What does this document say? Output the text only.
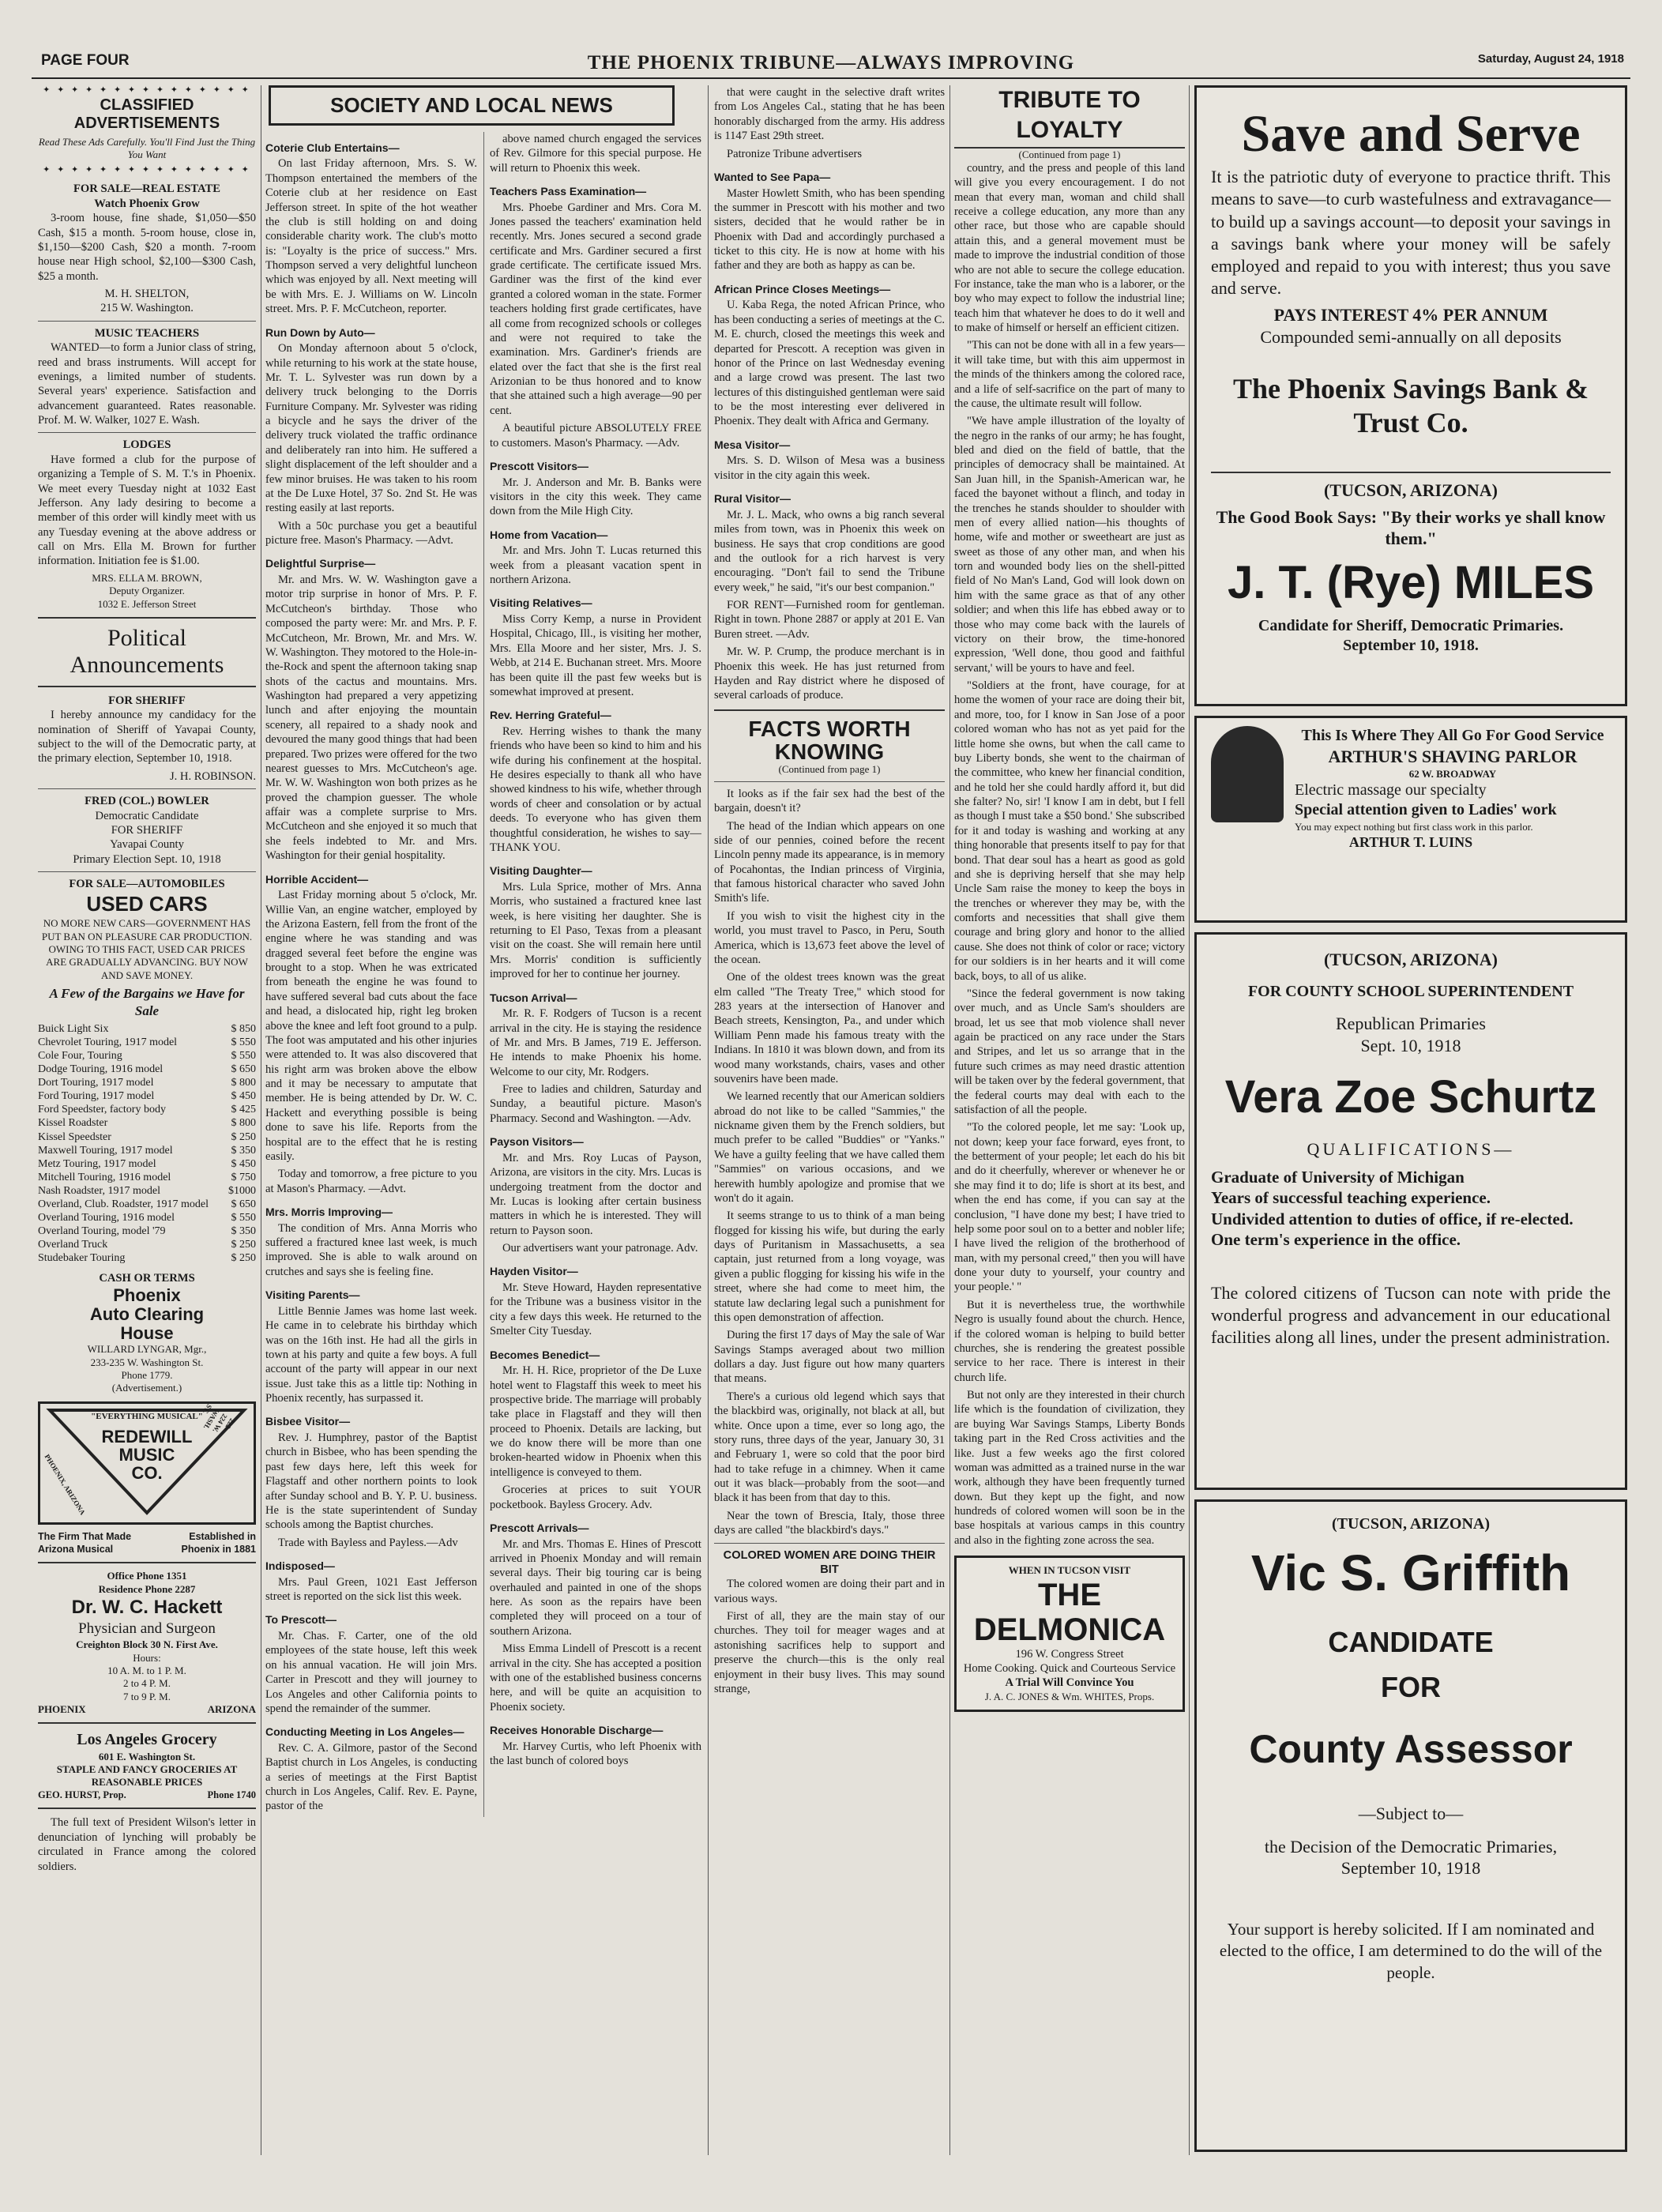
PAGE FOUR	THE PHOENIX TRIBUNE—ALWAYS IMPROVING	Saturday, August 24, 1918
✦ ✦ ✦ ✦ ✦ ✦ ✦ ✦ ✦ ✦ ✦ ✦ ✦ ✦ ✦
CLASSIFIED ADVERTISEMENTS
Read These Ads Carefully. You'll Find Just the Thing You Want
✦ ✦ ✦ ✦ ✦ ✦ ✦ ✦ ✦ ✦ ✦ ✦ ✦ ✦ ✦
FOR SALE—REAL ESTATE
Watch Phoenix Grow

3-room house, fine shade, $1,050—$50 Cash, $15 a month. 5-room house, close in, $1,150—$200 Cash, $20 a month. 7-room house near High school, $2,100—$300 Cash, $25 a month.

M. H. SHELTON,
215 W. Washington.
MUSIC TEACHERS

WANTED—to form a Junior class of string, reed and brass instruments. Will accept for evenings, a limited number of students. Several years' experience. Satisfaction and advancement guaranteed. Rates reasonable. Prof. M. W. Walker, 1027 E. Wash.

LODGES

Have formed a club for the purpose of organizing a Temple of S. M. T.'s in Phoenix. We meet every Tuesday night at 1032 East Jefferson. Any lady desiring to become a member of this order will kindly meet with us any Tuesday evening at the above address or call on Mrs. Ella M. Brown for further information. Initiation fee is $1.00.

MRS. ELLA M. BROWN,
Deputy Organizer.
1032 E. Jefferson Street
Political Announcements
FOR SHERIFF

I hereby announce my candidacy for the nomination of Sheriff of Yavapai County, subject to the will of the Democratic party, at the primary election, September 10, 1918.

J. H. ROBINSON.
FRED (COL.) BOWLER
Democratic Candidate
FOR SHERIFF
Yavapai County
Primary Election Sept. 10, 1918
FOR SALE—AUTOMOBILES
USED CARS
NO MORE NEW CARS—GOVERNMENT HAS PUT BAN ON PLEASURE CAR PRODUCTION. OWING TO THIS FACT, USED CAR PRICES ARE GRADUALLY ADVANCING. BUY NOW AND SAVE MONEY.
A Few of the Bargains we Have for Sale
Buick Light Six	$ 850
Chevrolet Touring, 1917 model	$ 550
Cole Four, Touring	$ 550
Dodge Touring, 1916 model	$ 650
Dort Touring, 1917 model	$ 800
Ford Touring, 1917 model	$ 450
Ford Speedster, factory body	$ 425
Kissel Roadster	$ 800
Kissel Speedster	$ 250
Maxwell Touring, 1917 model	$ 350
Metz Touring, 1917 model	$ 450
Mitchell Touring, 1916 model	$ 750
Nash Roadster, 1917 model	$1000
Overland, Club. Roadster, 1917 model $ 650
Overland Touring, 1916 model	$ 550
Overland Touring, model '79	$ 350
Overland Truck	$ 250
Studebaker Touring	$ 250
CASH OR TERMS
Phoenix
Auto Clearing
House
WILLARD LYNGAR, Mgr.,
233-235 W. Washington St.
Phone 1779.
(Advertisement.)
"EVERYTHING MUSICAL"
REDEWILL
MUSIC
CO.
PHOENIX, ARIZONA
222-224 W. WASH. ST.
The Firm That Made Arizona Musical
Established in Phoenix in 1881
Office Phone 1351
Residence Phone 2287
Dr. W. C. Hackett
Physician and Surgeon
Creighton Block 30 N. First Ave.
Hours:
10 A. M. to 1 P. M.
2 to 4 P. M.
7 to 9 P. M.
PHOENIX	ARIZONA
Los Angeles Grocery
601 E. Washington St.
STAPLE AND FANCY GROCERIES AT REASONABLE PRICES
GEO. HURST, Prop.	Phone 1740

The full text of President Wilson's letter in denunciation of lynching will probably be circulated in France among the colored soldiers.

SOCIETY AND LOCAL NEWS
Coterie Club Entertains—

On last Friday afternoon, Mrs. S. W. Thompson entertained the members of the Coterie club at her residence on East Jefferson street. In spite of the hot weather the club is still holding on and doing considerable charity work. The club's motto is: "Loyalty is the price of success." Mrs. Thompson served a very delightful luncheon which was enjoyed by all. Next meeting will be with Mrs. E. J. Williams on W. Lincoln street. Mrs. P. F. McCutcheon, reporter.

Run Down by Auto—

On Monday afternoon about 5 o'clock, while returning to his work at the state house, Mr. T. L. Sylvester was run down by a delivery truck belonging to the Dorris Furniture Company. Mr. Sylvester was riding a bicycle and he says the driver of the delivery truck violated the traffic ordinance and deliberately ran into him. He suffered a slight displacement of the left shoulder and a few minor bruises. He was taken to his room at the De Luxe Hotel, 37 So. 2nd St. He was resting easily at last reports.

With a 50c purchase you get a beautiful picture free. Mason's Pharmacy. —Advt.

Delightful Surprise—

Mr. and Mrs. W. W. Washington gave a motor trip surprise in honor of Mrs. P. F. McCutcheon's birthday. Those who composed the party were: Mr. and Mrs. P. F. McCutcheon, Mr. Brown, Mr. and Mrs. W. W. Washington. They motored to the Hole-in-the-Rock and spent the afternoon taking snap shots of the cactus and mountains. Mrs. Washington had prepared a very appetizing lunch and after enjoying the mountain scenery, all repaired to a shady nook and devoured the many good things that had been prepared. Two prizes were offered for the two nearest guesses to Mrs. McCutcheon's age. Mr. W. W. Washington won both prizes as he proved the champion guesser. The whole affair was a complete surprise to Mrs. McCutcheon and she enjoyed it so much that she feels indebted to Mr. and Mrs. Washington for their genial hospitality.

Horrible Accident—

Last Friday morning about 5 o'clock, Mr. Willie Van, an engine watcher, employed by the Arizona Eastern, fell from the front of the engine where he was standing and was dragged several feet before the engine was brought to a stop. When he was extricated from beneath the engine he was found to have suffered several bad cuts about the face and head, a dislocated hip, right leg broken above the knee and left foot ground to a pulp. The foot was amputated and his other injuries were attended to. It was also discovered that his right arm was broken above the elbow and it may be necessary to amputate that member. He is being attended by Dr. W. C. Hackett and everything possible is being done to save his life. Reports from the hospital are to the effect that he is resting easily.

Today and tomorrow, a free picture to you at Mason's Pharmacy. —Advt.

Mrs. Morris Improving—

The condition of Mrs. Anna Morris who suffered a fractured knee last week, is much improved. She is able to walk around on crutches and says she is feeling fine.

Visiting Parents—

Little Bennie James was home last week. He came in to celebrate his birthday which was on the 16th inst. He had all the girls in town at his party and quite a few boys. A full account of the party will appear in our next issue. Just take this as a little tip: Nothing in Phoenix recently, has surpassed it.

Bisbee Visitor—

Rev. J. Humphrey, pastor of the Baptist church in Bisbee, who has been spending the past few days here, left this week for Flagstaff and other northern points to look after Sunday school and B. Y. P. U. business. He is the state superintendent of Sunday schools among the Baptist churches.

Trade with Bayless and Payless.—Adv

Indisposed—

Mrs. Paul Green, 1021 East Jefferson street is reported on the sick list this week.

To Prescott—

Mr. Chas. F. Carter, one of the old employees of the state house, left this week on his annual vacation. He will join Mrs. Carter in Prescott and they will journey to Los Angeles and other California points to spend the remainder of the summer.

Conducting Meeting in Los Angeles—

Rev. C. A. Gilmore, pastor of the Second Baptist church in Los Angeles, is conducting a series of meetings at the First Baptist church in Los Angeles, Calif. Rev. E. Payne, pastor of the

above named church engaged the services of Rev. Gilmore for this special purpose. He will return to Phoenix this week.

Teachers Pass Examination—

Mrs. Phoebe Gardiner and Mrs. Cora M. Jones passed the teachers' examination held recently. Mrs. Jones secured a second grade certificate and Mrs. Gardiner secured a first grade certificate. The certificate issued Mrs. Gardiner was the first of the kind ever granted a colored woman in the state. Former teachers holding first grade certificates, have all come from recognized schools or colleges and were not required to take the examination. Mrs. Gardiner's friends are elated over the fact that she is the first real Arizonian to be thus honored and to know that she attained such a high average—90 per cent.

A beautiful picture ABSOLUTELY FREE to customers. Mason's Pharmacy. —Adv.

Prescott Visitors—

Mr. J. Anderson and Mr. B. Banks were visitors in the city this week. They came down from the Mile High City.

Home from Vacation—

Mr. and Mrs. John T. Lucas returned this week from a pleasant vacation spent in northern Arizona.

Visiting Relatives—

Miss Corry Kemp, a nurse in Provident Hospital, Chicago, Ill., is visiting her mother, Mrs. Ella Moore and her sister, Mrs. J. S. Webb, at 214 E. Buchanan street. Mrs. Moore has been quite ill the past few weeks but is somewhat improved at present.

Rev. Herring Grateful—

Rev. Herring wishes to thank the many friends who have been so kind to him and his wife during his confinement at the hospital. He desires especially to thank all who have showed kindness to his wife, whether through words of cheer and consolation or by actual deeds. To everyone who has given them thoughtful consideration, he wishes to say—THANK YOU.

Visiting Daughter—

Mrs. Lula Sprice, mother of Mrs. Anna Morris, who sustained a fractured knee last week, is here visiting her daughter. She is returning to El Paso, Texas from a pleasant visit on the coast. She will remain here until Mrs. Morris' condition is sufficiently improved for her to continue her journey.

Tucson Arrival—

Mr. R. F. Rodgers of Tucson is a recent arrival in the city. He is staying the residence of Mr. and Mrs. B James, 719 E. Jefferson. He intends to make Phoenix his home. Welcome to our city, Mr. Rodgers.

Free to ladies and children, Saturday and Sunday, a beautiful picture. Mason's Pharmacy. Second and Washington. —Adv.

Payson Visitors—

Mr. and Mrs. Roy Lucas of Payson, Arizona, are visitors in the city. Mrs. Lucas is undergoing treatment from the doctor and Mr. Lucas is looking after certain business matters in which he is interested. They will return to Payson soon.

Our advertisers want your patronage. Adv.

Hayden Visitor—

Mr. Steve Howard, Hayden representative for the Tribune was a business visitor in the city a few days this week. He returned to the Smelter City Tuesday.

Becomes Benedict—

Mr. H. H. Rice, proprietor of the De Luxe hotel went to Flagstaff this week to meet his prospective bride. The marriage will probably take place in Flagstaff and they will then proceed to Phoenix. Details are lacking, but we do know there will be more than one broken-hearted widow in Phoenix when this intelligence is conveyed to them.

Groceries at prices to suit YOUR pocketbook. Bayless Grocery. Adv.

Prescott Arrivals—

Mr. and Mrs. Thomas E. Hines of Prescott arrived in Phoenix Monday and will remain several days. Their big touring car is being overhauled and painted in one of the shops here. As soon as the repairs have been completed they will proceed on a tour of southern Arizona.

Miss Emma Lindell of Prescott is a recent arrival in the city. She has accepted a position with one of the established business concerns here, and will be quite an acquisition to Phoenix society.

Receives Honorable Discharge—

Mr. Harvey Curtis, who left Phoenix with the last bunch of colored boys

that were caught in the selective draft writes from Los Angeles Cal., stating that he has been honorably discharged from the army. His address is 1147 East 29th street.

Patronize Tribune advertisers

Wanted to See Papa—

Master Howlett Smith, who has been spending the summer in Prescott with his mother and two sisters, decided that he would rather be in Phoenix with Dad and accordingly purchased a ticket to this city. He is now at home with his father and they are both as happy as can be.

African Prince Closes Meetings—

U. Kaba Rega, the noted African Prince, who has been conducting a series of meetings at the C. M. E. church, closed the meetings this week and departed for Prescott. A reception was given in honor of the Prince on last Wednesday evening and a large crowd was present. The last two lectures of this distinguished gentleman were said to be the most interesting ever delivered in Phoenix. They dealt with Africa and Germany.

Mesa Visitor—

Mrs. S. D. Wilson of Mesa was a business visitor in the city again this week.

Rural Visitor—

Mr. J. L. Mack, who owns a big ranch several miles from town, was in Phoenix this week on business. He says that crop conditions are good and the outlook for a rich harvest is very encouraging. "Don't fail to send the Tribune every week," he said, "it's our best companion."

FOR RENT—Furnished room for gentleman. Right in town. Phone 2887 or apply at 201 E. Van Buren street. —Adv.

Mr. W. P. Crump, the produce merchant is in Phoenix this week. He has just returned from Hayden and Ray district where he disposed of several carloads of produce.

FACTS WORTH KNOWING
(Continued from page 1)

It looks as if the fair sex had the best of the bargain, doesn't it?

The head of the Indian which appears on one side of our pennies, coined before the recent Lincoln penny made its appearance, is in memory of Pocahontas, the Indian princess of Virginia, that famous historical character who saved John Smith's life.

If you wish to visit the highest city in the world, you must travel to Pasco, in Peru, South America, which is 13,673 feet above the level of the ocean.

One of the oldest trees known was the great elm called "The Treaty Tree," which stood for 283 years at the intersection of Hanover and Beach streets, Kensington, Pa., and under which William Penn made his famous treaty with the Indians. In 1810 it was blown down, and from its wood many workstands, chairs, vases and other souvenirs have been made.

We learned recently that our American soldiers abroad do not like to be called "Sammies," the nickname given them by the French soldiers, but much prefer to be called "Buddies" or "Yanks." We have a guilty feeling that we have called them "Sammies" on various occasions, and we herewith humbly apologize and promise that we won't do it again.

It seems strange to us to think of a man being flogged for kissing his wife, but during the early days of Puritanism in Massachusetts, a sea captain, just returned from a long voyage, was given a public flogging for kissing his wife in the street, where she had come to meet him, the statute law declaring legal such a punishment for this open demonstration of affection.

During the first 17 days of May the sale of War Savings Stamps averaged about two million dollars a day. Just figure out how many quarters that means.

There's a curious old legend which says that the blackbird was, originally, not black at all, but white. Once upon a time, ever so long ago, the story runs, three days of the year, January 30, 31 and February 1, were so cold that the poor bird had to take refuge in a chimney. When it came out it was black—probably from the soot—and black it has been from that day to this.

Near the town of Brescia, Italy, those three days are called "the blackbird's days."

COLORED WOMEN ARE DOING THEIR BIT

The colored women are doing their part and in various ways.

First of all, they are the main stay of our churches. They toil for meager wages and at astonishing sacrifices help to support and preserve the church—this is the only real enjoyment in their busy lives. This may sound strange,

TRIBUTE TO LOYALTY
(Continued from page 1)

country, and the press and people of this land will give you every encouragement. I do not mean that every man, woman and child shall receive a college education, any more than any other race, but those who are capable should attain this, and a general movement must be made to improve the industrial condition of those who are not able to secure the college education. For instance, take the man who is a laborer, or the boy who may expect to follow the industrial line; teach him that whatever he does to do it well and to make of himself or herself an efficient citizen.

"This can not be done with all in a few years—it will take time, but with this aim uppermost in the minds of the thinkers among the colored race, and a life of self-sacrifice on the part of many to the cause, the ultimate result will follow.

"We have ample illustration of the loyalty of the negro in the ranks of our army; he has fought, bled and died on the field of battle, that the principles of democracy shall be maintained. At San Juan hill, in the Spanish-American war, he faced the bayonet without a flinch, and today in the trenches he stands shoulder to shoulder with men of every allied nation—his thoughts of home, wife and mother or sweetheart are just as sweet as those of any other man, and when his torn and wounded body lies on the shell-pitted field of No Man's Land, God will look down on him with the same grace as that of any other soldier; and when this life has ebbed away or to those who may come back with the laurels of victory on their brow, the time-honored expression, 'Well done, thou good and faithful servant,' will be yours to have and feel.

"Soldiers at the front, have courage, for at home the women of your race are doing their bit, and more, too, for I know in San Jose of a poor colored woman who has not as yet paid for the little home she owns, but when the call came to buy Liberty bonds, she went to the chairman of the committee, who knew her financial condition, and he told her she could hardly afford it, but did she falter? No, sir! 'I know I am in debt, but I fell as though I must take a $50 bond.' She subscribed for it and today is washing and working at any thing honorable that presents itself to pay for that bond. That dear soul has a heart as good as gold and she is depriving herself that she may help Uncle Sam raise the money to keep the boys in the trenches or wherever they may be, with the comforts and necessities that shall give them courage and bring glory and honor to the allied cause. She does not think of color or race; victory for our soldiers is in her hearts and it will come back, boys, to all of us alike.

"Since the federal government is now taking over much, and as Uncle Sam's shoulders are broad, let us see that mob violence shall never again be practiced on any race under the Stars and Stripes, and let us so arrange that in the future such crimes as may need drastic attention will be taken over by the federal government, that the federal courts may deal with each to the satisfaction of all the people.

"To the colored people, let me say: 'Look up, not down; keep your face forward, eyes front, to the betterment of your people; let each do his bit and do it cheerfully, wherever or whenever he or she may find it to do; life is short at its best, and when the end has come, if you can say at the conclusion, "I have done my best; I have tried to help some poor soul on to a better and nobler life; I have lived the religion of the brotherhood of man, with my personal creed," then you will have done your duty to yourself, your country and your people.' "

But it is nevertheless true, the worthwhile Negro is usually found about the church. Hence, if the colored woman is helping to build better churches, she is rendering the greatest possible service to her race. There is interest in their church life.

But not only are they interested in their church life which is the foundation of civilization, they are buying War Savings Stamps, Liberty Bonds taking part in the Red Cross activities and the like. Just a few weeks ago the first colored woman was admitted as a trained nurse in the war work, although they have been frequently turned down. But they kept up the fight, and now hundreds of colored women will soon be in the base hospitals at various camps in this country and also in the fighting zone across the sea.

WHEN IN TUCSON VISIT
THE DELMONICA
196 W. Congress Street
Home Cooking. Quick and Courteous Service
A Trial Will Convince You
J. A. C. JONES & Wm. WHITES, Props.
Save and Serve
It is the patriotic duty of everyone to practice thrift. This means to save—to curb wastefulness and extravagance—to build up a savings account—to deposit your savings in a savings bank where your money will be safely employed and repaid to you with interest; thus you save and serve.
PAYS INTEREST 4% PER ANNUM
Compounded semi-annually on all deposits
The Phoenix Savings Bank & Trust Co.
(TUCSON, ARIZONA)
The Good Book Says: "By their works ye shall know them."
J. T. (Rye) MILES
Candidate for Sheriff, Democratic Primaries.
September 10, 1918.
This Is Where They All Go For Good Service
ARTHUR'S SHAVING PARLOR
62 W. BROADWAY
Electric massage our specialty
Special attention given to Ladies' work
You may expect nothing but first class work in this parlor.
ARTHUR T. LUINS
(TUCSON, ARIZONA)
FOR COUNTY SCHOOL SUPERINTENDENT
Republican Primaries
Sept. 10, 1918
Vera Zoe Schurtz
QUALIFICATIONS—
Graduate of University of Michigan
Years of successful teaching experience.
Undivided attention to duties of office, if re-elected.
One term's experience in the office.
The colored citizens of Tucson can note with pride the wonderful progress and advancement in our educational facilities along all lines, under the present administration.
(TUCSON, ARIZONA)
Vic S. Griffith
CANDIDATE
FOR
County Assessor
—Subject to—
the Decision of the Democratic Primaries, September 10, 1918
Your support is hereby solicited. If I am nominated and elected to the office, I am determined to do the will of the people.
